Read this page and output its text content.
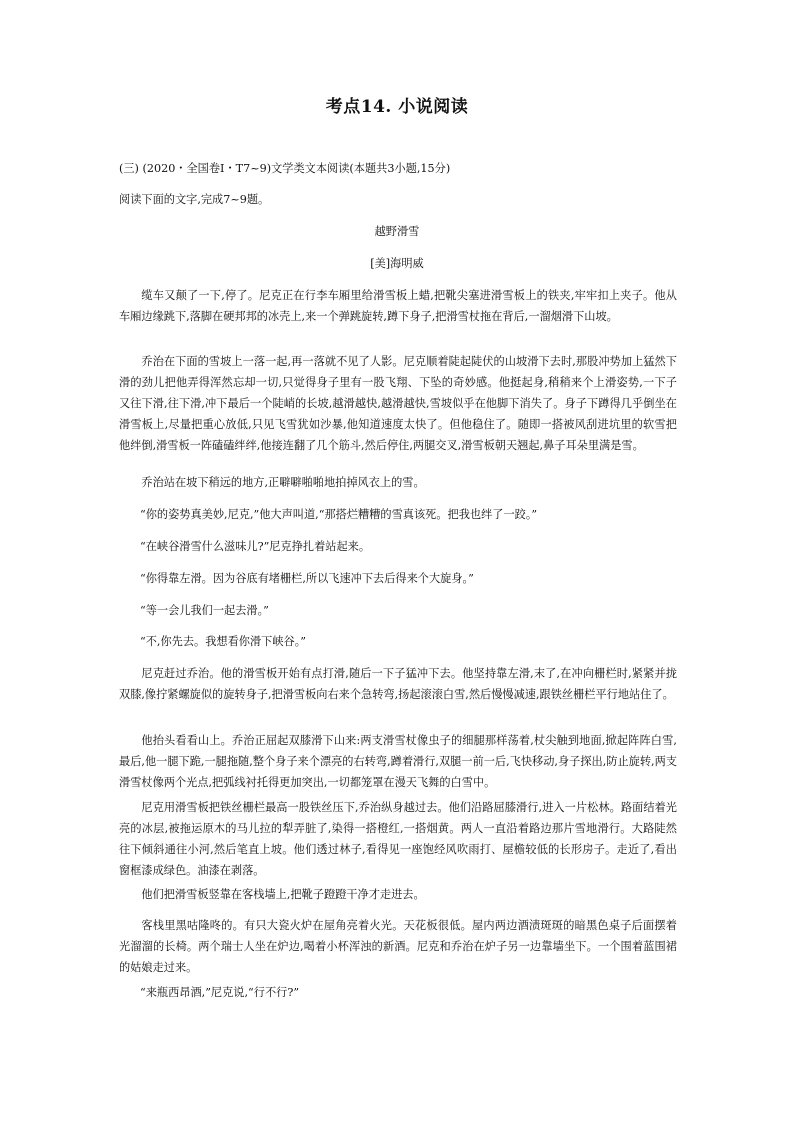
考点14. 小说阅读
(三) (2020・全国卷Ⅰ・T7~9)文学类文本阅读(本题共3小题,15分)
阅读下面的文字,完成7~9题。
越野滑雪
[美]海明威
缆车又颠了一下,停了。尼克正在行李车厢里给滑雪板上蜡,把靴尖塞进滑雪板上的铁夹,牢牢扣上夹子。他从车厢边缘跳下,落脚在硬邦邦的冰壳上,来一个弹跳旋转,蹲下身子,把滑雪杖拖在背后,一溜烟滑下山坡。
乔治在下面的雪坡上一落一起,再一落就不见了人影。尼克顺着陡起陡伏的山坡滑下去时,那股冲势加上猛然下滑的劲儿把他弄得浑然忘却一切,只觉得身子里有一股飞翔、下坠的奇妙感。他挺起身,稍稍来个上滑姿势,一下子又往下滑,往下滑,冲下最后一个陡峭的长坡,越滑越快,越滑越快,雪坡似乎在他脚下消失了。身子下蹲得几乎倒坐在滑雪板上,尽量把重心放低,只见飞雪犹如沙暴,他知道速度太快了。但他稳住了。随即一搭被风刮进坑里的软雪把他绊倒,滑雪板一阵磕磕绊绊,他接连翻了几个筋斗,然后停住,两腿交叉,滑雪板朝天翘起,鼻子耳朵里满是雪。
乔治站在坡下稍远的地方,正噼噼啪啪地拍掉风衣上的雪。
“你的姿势真美妙,尼克,”他大声叫道,“那搭烂糟糟的雪真该死。把我也绊了一跤。”
“在峡谷滑雪什么滋味儿?”尼克挣扎着站起来。
“你得靠左滑。因为谷底有堵栅栏,所以飞速冲下去后得来个大旋身。”
“等一会儿我们一起去滑。”
“不,你先去。我想看你滑下峡谷。”
尼克赶过乔治。他的滑雪板开始有点打滑,随后一下子猛冲下去。他坚持靠左滑,末了,在冲向栅栏时,紧紧并拢双膝,像拧紧螺旋似的旋转身子,把滑雪板向右来个急转弯,扬起滚滚白雪,然后慢慢减速,跟铁丝栅栏平行地站住了。
他抬头看看山上。乔治正屈起双膝滑下山来:两支滑雪杖像虫子的细腿那样荡着,杖尖触到地面,掀起阵阵白雪,最后,他一腿下跪,一腿拖随,整个身子来个漂亮的右转弯,蹲着滑行,双腿一前一后,飞快移动,身子探出,防止旋转,两支滑雪杖像两个光点,把弧线衬托得更加突出,一切都笼罩在漫天飞舞的白雪中。
尼克用滑雪板把铁丝栅栏最高一股铁丝压下,乔治纵身越过去。他们沿路屈膝滑行,进入一片松林。路面结着光亮的冰层,被拖运原木的马儿拉的犁弄脏了,染得一搭橙红,一搭烟黄。两人一直沿着路边那片雪地滑行。大路陡然往下倾斜通往小河,然后笔直上坡。他们透过林子,看得见一座饱经风吹雨打、屋檐较低的长形房子。走近了,看出窗框漆成绿色。油漆在剥落。
他们把滑雪板竖靠在客栈墙上,把靴子蹬蹬干净才走进去。
客栈里黑咕隆咚的。有只大瓷火炉在屋角亮着火光。天花板很低。屋内两边酒渍斑斑的暗黑色桌子后面摆着光溜溜的长椅。两个瑞士人坐在炉边,喝着小杯浑浊的新酒。尼克和乔治在炉子另一边靠墙坐下。一个围着蓝围裙的姑娘走过来。
“来瓶西昂酒,”尼克说,“行不行?”
